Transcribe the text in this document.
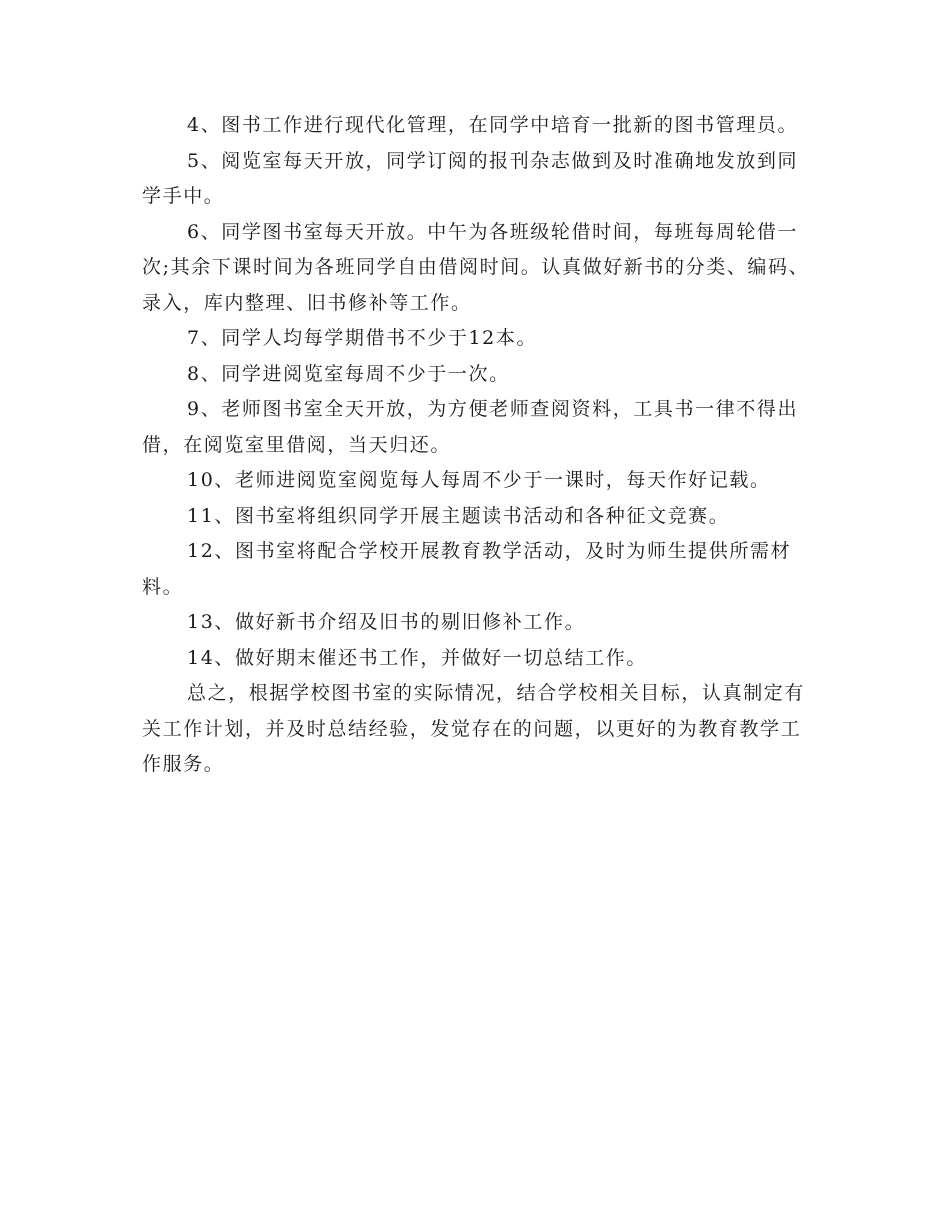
4、图书工作进行现代化管理，在同学中培育一批新的图书管理员。

5、阅览室每天开放，同学订阅的报刊杂志做到及时准确地发放到同学手中。

6、同学图书室每天开放。中午为各班级轮借时间，每班每周轮借一次;其余下课时间为各班同学自由借阅时间。认真做好新书的分类、编码、录入，库内整理、旧书修补等工作。

7、同学人均每学期借书不少于12本。

8、同学进阅览室每周不少于一次。

9、老师图书室全天开放，为方便老师查阅资料，工具书一律不得出借，在阅览室里借阅，当天归还。

10、老师进阅览室阅览每人每周不少于一课时，每天作好记载。

11、图书室将组织同学开展主题读书活动和各种征文竞赛。

12、图书室将配合学校开展教育教学活动，及时为师生提供所需材料。

13、做好新书介绍及旧书的剔旧修补工作。

14、做好期末催还书工作，并做好一切总结工作。

总之，根据学校图书室的实际情况，结合学校相关目标，认真制定有关工作计划，并及时总结经验，发觉存在的问题，以更好的为教育教学工作服务。
